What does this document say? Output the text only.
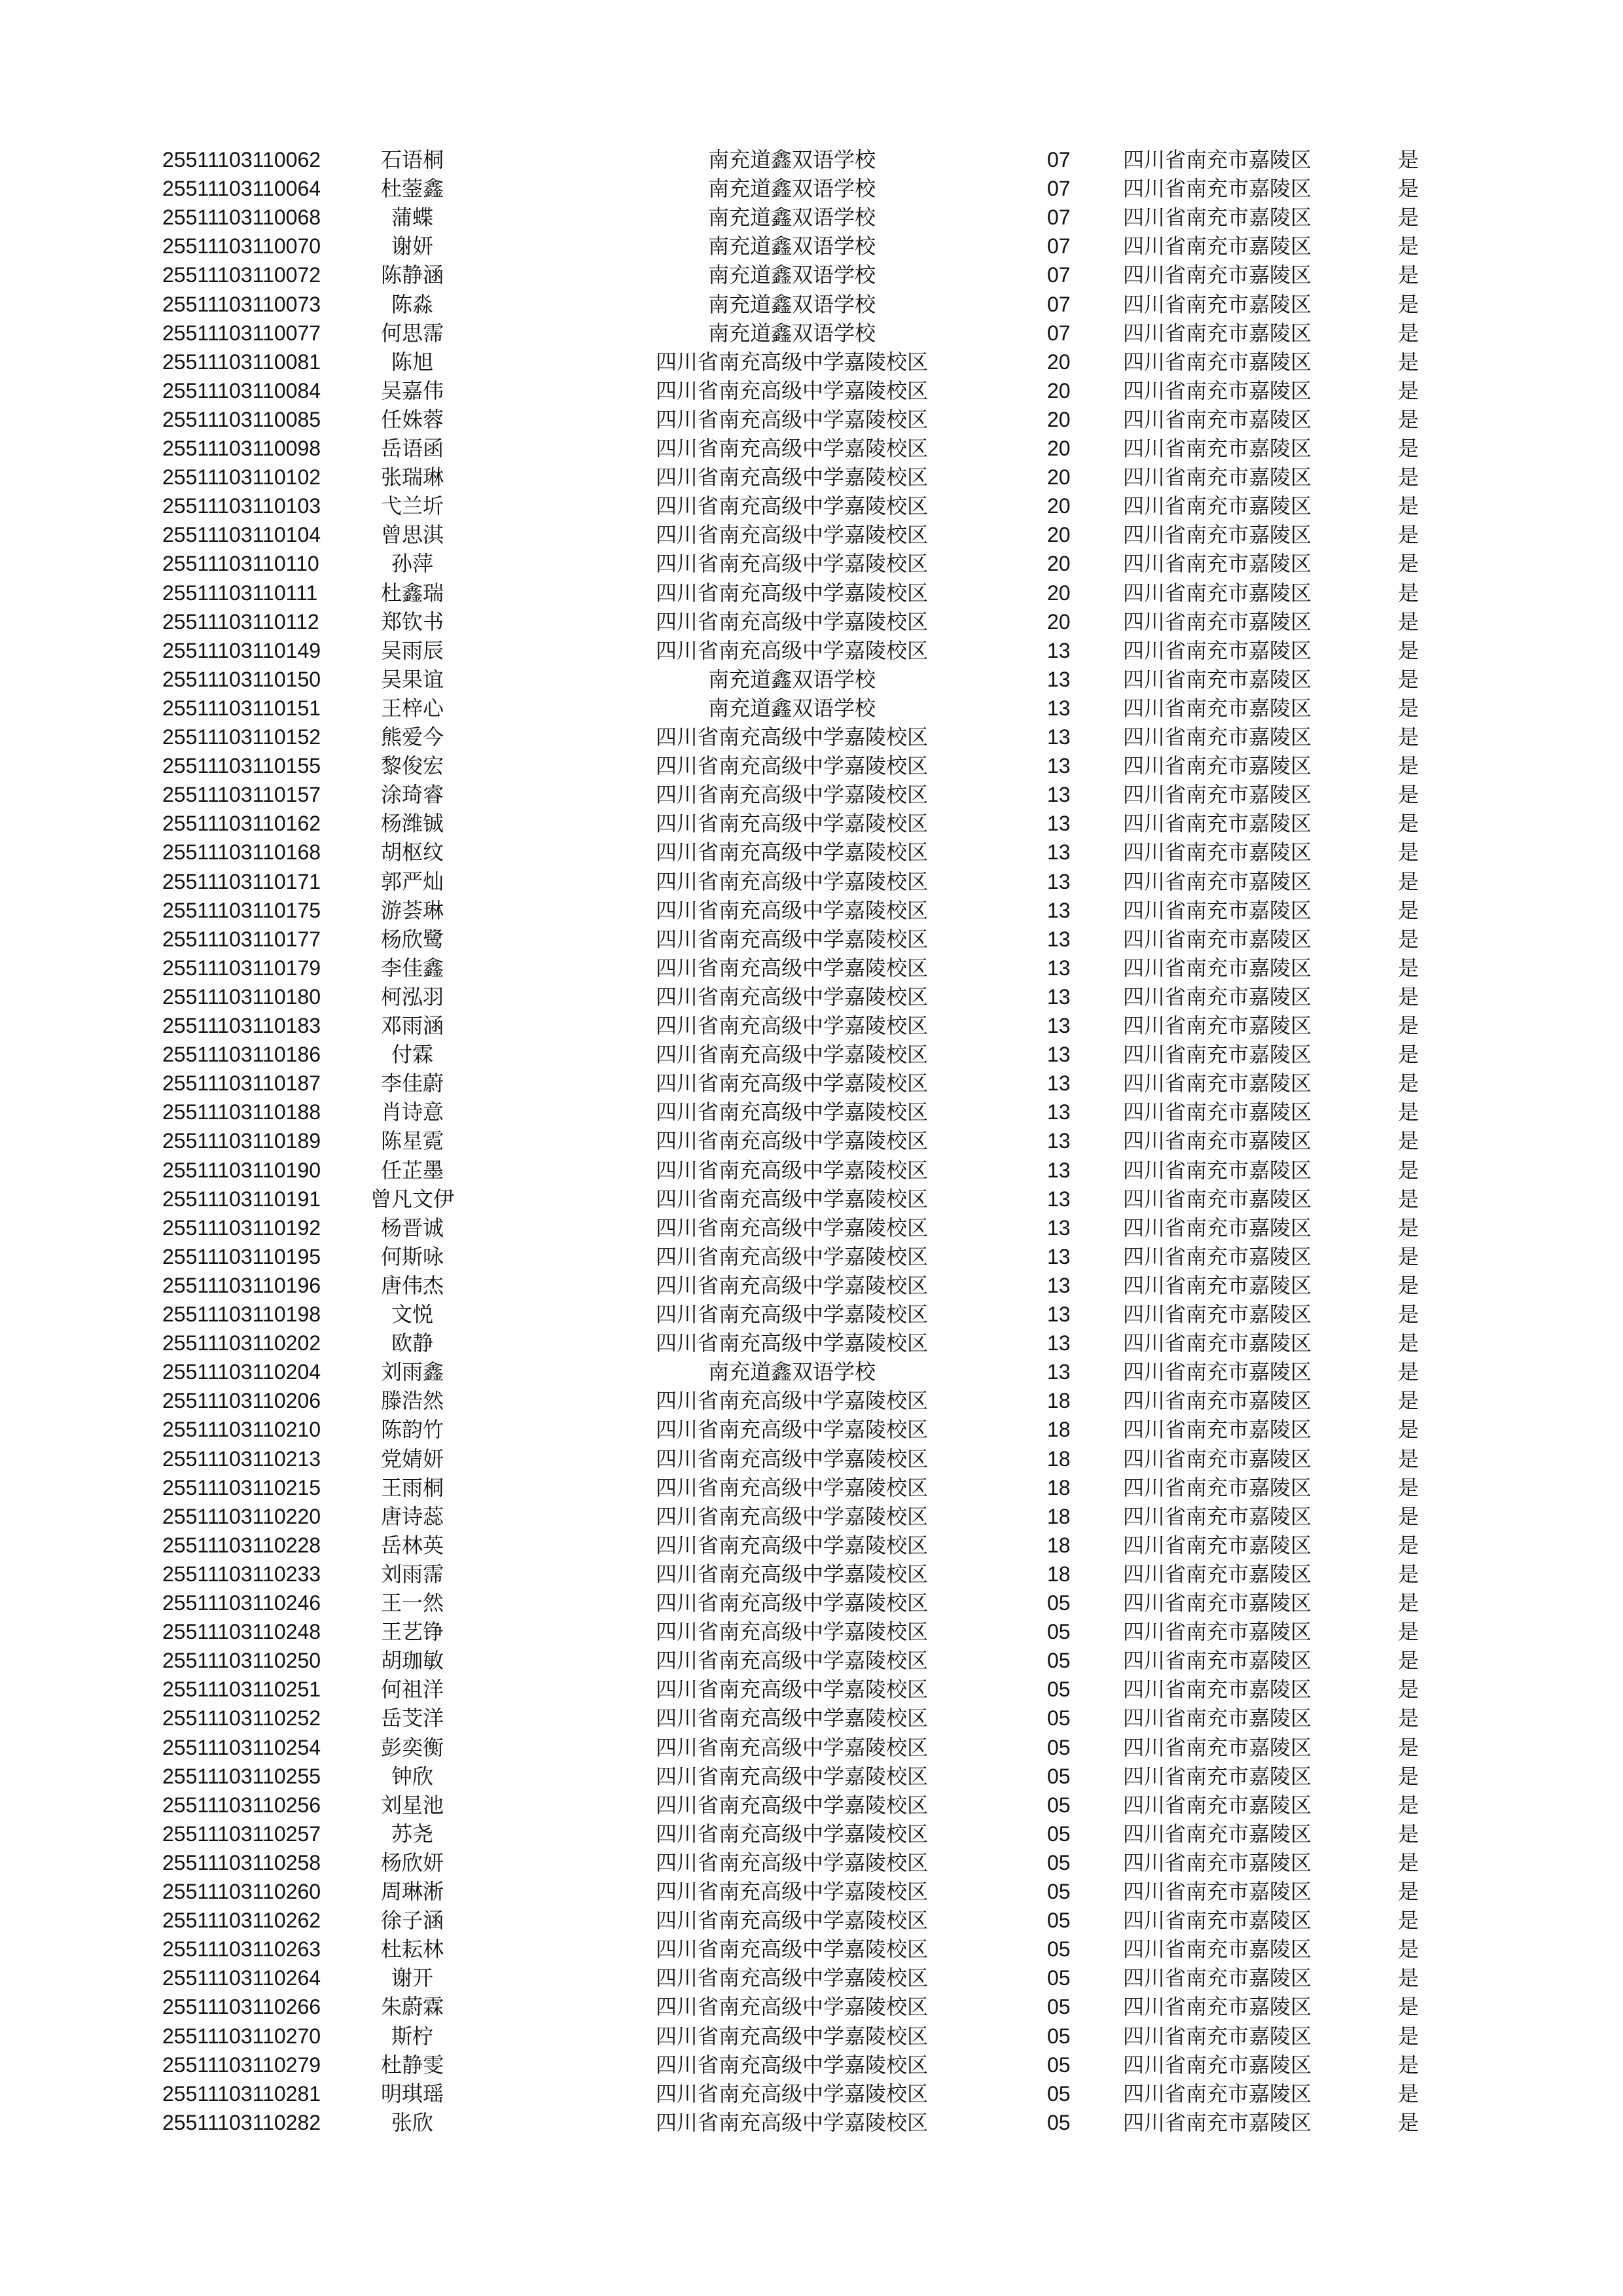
25511103110062	石语桐	南充道鑫双语学校	07	四川省南充市嘉陵区	是
25511103110064	杜蓥鑫	南充道鑫双语学校	07	四川省南充市嘉陵区	是
25511103110068	蒲蝶	南充道鑫双语学校	07	四川省南充市嘉陵区	是
25511103110070	谢妍	南充道鑫双语学校	07	四川省南充市嘉陵区	是
25511103110072	陈静涵	南充道鑫双语学校	07	四川省南充市嘉陵区	是
25511103110073	陈淼	南充道鑫双语学校	07	四川省南充市嘉陵区	是
25511103110077	何思霈	南充道鑫双语学校	07	四川省南充市嘉陵区	是
25511103110081	陈旭	四川省南充高级中学嘉陵校区	20	四川省南充市嘉陵区	是
25511103110084	吴嘉伟	四川省南充高级中学嘉陵校区	20	四川省南充市嘉陵区	是
25511103110085	任姝蓉	四川省南充高级中学嘉陵校区	20	四川省南充市嘉陵区	是
25511103110098	岳语函	四川省南充高级中学嘉陵校区	20	四川省南充市嘉陵区	是
25511103110102	张瑞琳	四川省南充高级中学嘉陵校区	20	四川省南充市嘉陵区	是
25511103110103	弋兰圻	四川省南充高级中学嘉陵校区	20	四川省南充市嘉陵区	是
25511103110104	曾思淇	四川省南充高级中学嘉陵校区	20	四川省南充市嘉陵区	是
25511103110110	孙萍	四川省南充高级中学嘉陵校区	20	四川省南充市嘉陵区	是
25511103110111	杜鑫瑞	四川省南充高级中学嘉陵校区	20	四川省南充市嘉陵区	是
25511103110112	郑钦书	四川省南充高级中学嘉陵校区	20	四川省南充市嘉陵区	是
25511103110149	吴雨辰	四川省南充高级中学嘉陵校区	13	四川省南充市嘉陵区	是
25511103110150	吴果谊	南充道鑫双语学校	13	四川省南充市嘉陵区	是
25511103110151	王梓心	南充道鑫双语学校	13	四川省南充市嘉陵区	是
25511103110152	熊爱今	四川省南充高级中学嘉陵校区	13	四川省南充市嘉陵区	是
25511103110155	黎俊宏	四川省南充高级中学嘉陵校区	13	四川省南充市嘉陵区	是
25511103110157	涂琦睿	四川省南充高级中学嘉陵校区	13	四川省南充市嘉陵区	是
25511103110162	杨潍铖	四川省南充高级中学嘉陵校区	13	四川省南充市嘉陵区	是
25511103110168	胡枢纹	四川省南充高级中学嘉陵校区	13	四川省南充市嘉陵区	是
25511103110171	郭严灿	四川省南充高级中学嘉陵校区	13	四川省南充市嘉陵区	是
25511103110175	游荟琳	四川省南充高级中学嘉陵校区	13	四川省南充市嘉陵区	是
25511103110177	杨欣鹭	四川省南充高级中学嘉陵校区	13	四川省南充市嘉陵区	是
25511103110179	李佳鑫	四川省南充高级中学嘉陵校区	13	四川省南充市嘉陵区	是
25511103110180	柯泓羽	四川省南充高级中学嘉陵校区	13	四川省南充市嘉陵区	是
25511103110183	邓雨涵	四川省南充高级中学嘉陵校区	13	四川省南充市嘉陵区	是
25511103110186	付霖	四川省南充高级中学嘉陵校区	13	四川省南充市嘉陵区	是
25511103110187	李佳蔚	四川省南充高级中学嘉陵校区	13	四川省南充市嘉陵区	是
25511103110188	肖诗意	四川省南充高级中学嘉陵校区	13	四川省南充市嘉陵区	是
25511103110189	陈星霓	四川省南充高级中学嘉陵校区	13	四川省南充市嘉陵区	是
25511103110190	任芷墨	四川省南充高级中学嘉陵校区	13	四川省南充市嘉陵区	是
25511103110191	曾凡文伊	四川省南充高级中学嘉陵校区	13	四川省南充市嘉陵区	是
25511103110192	杨晋诚	四川省南充高级中学嘉陵校区	13	四川省南充市嘉陵区	是
25511103110195	何斯咏	四川省南充高级中学嘉陵校区	13	四川省南充市嘉陵区	是
25511103110196	唐伟杰	四川省南充高级中学嘉陵校区	13	四川省南充市嘉陵区	是
25511103110198	文悦	四川省南充高级中学嘉陵校区	13	四川省南充市嘉陵区	是
25511103110202	欧静	四川省南充高级中学嘉陵校区	13	四川省南充市嘉陵区	是
25511103110204	刘雨鑫	南充道鑫双语学校	13	四川省南充市嘉陵区	是
25511103110206	滕浩然	四川省南充高级中学嘉陵校区	18	四川省南充市嘉陵区	是
25511103110210	陈韵竹	四川省南充高级中学嘉陵校区	18	四川省南充市嘉陵区	是
25511103110213	党婧妍	四川省南充高级中学嘉陵校区	18	四川省南充市嘉陵区	是
25511103110215	王雨桐	四川省南充高级中学嘉陵校区	18	四川省南充市嘉陵区	是
25511103110220	唐诗蕊	四川省南充高级中学嘉陵校区	18	四川省南充市嘉陵区	是
25511103110228	岳林英	四川省南充高级中学嘉陵校区	18	四川省南充市嘉陵区	是
25511103110233	刘雨霈	四川省南充高级中学嘉陵校区	18	四川省南充市嘉陵区	是
25511103110246	王一然	四川省南充高级中学嘉陵校区	05	四川省南充市嘉陵区	是
25511103110248	王艺铮	四川省南充高级中学嘉陵校区	05	四川省南充市嘉陵区	是
25511103110250	胡珈敏	四川省南充高级中学嘉陵校区	05	四川省南充市嘉陵区	是
25511103110251	何祖洋	四川省南充高级中学嘉陵校区	05	四川省南充市嘉陵区	是
25511103110252	岳芠洋	四川省南充高级中学嘉陵校区	05	四川省南充市嘉陵区	是
25511103110254	彭奕衡	四川省南充高级中学嘉陵校区	05	四川省南充市嘉陵区	是
25511103110255	钟欣	四川省南充高级中学嘉陵校区	05	四川省南充市嘉陵区	是
25511103110256	刘星池	四川省南充高级中学嘉陵校区	05	四川省南充市嘉陵区	是
25511103110257	苏尧	四川省南充高级中学嘉陵校区	05	四川省南充市嘉陵区	是
25511103110258	杨欣妍	四川省南充高级中学嘉陵校区	05	四川省南充市嘉陵区	是
25511103110260	周琳淅	四川省南充高级中学嘉陵校区	05	四川省南充市嘉陵区	是
25511103110262	徐子涵	四川省南充高级中学嘉陵校区	05	四川省南充市嘉陵区	是
25511103110263	杜耘林	四川省南充高级中学嘉陵校区	05	四川省南充市嘉陵区	是
25511103110264	谢开	四川省南充高级中学嘉陵校区	05	四川省南充市嘉陵区	是
25511103110266	朱蔚霖	四川省南充高级中学嘉陵校区	05	四川省南充市嘉陵区	是
25511103110270	斯柠	四川省南充高级中学嘉陵校区	05	四川省南充市嘉陵区	是
25511103110279	杜静雯	四川省南充高级中学嘉陵校区	05	四川省南充市嘉陵区	是
25511103110281	明琪瑶	四川省南充高级中学嘉陵校区	05	四川省南充市嘉陵区	是
25511103110282	张欣	四川省南充高级中学嘉陵校区	05	四川省南充市嘉陵区	是
